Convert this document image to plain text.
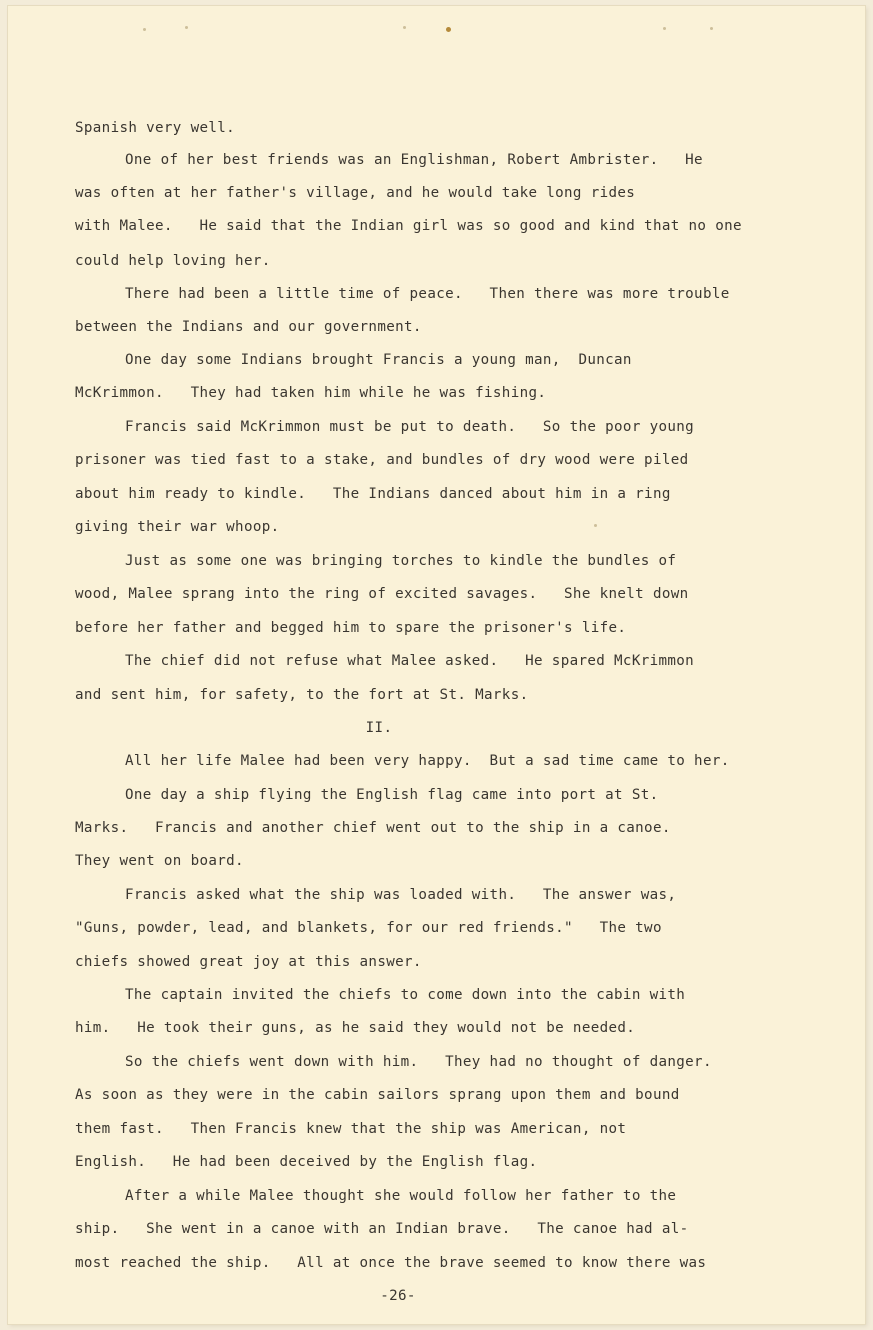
Spanish very well.
One of her best friends was an Englishman, Robert Ambrister.   He
was often at her father's village, and he would take long rides
with Malee.   He said that the Indian girl was so good and kind that no one
could help loving her.
There had been a little time of peace.   Then there was more trouble
between the Indians and our government.
One day some Indians brought Francis a young man,  Duncan
McKrimmon.   They had taken him while he was fishing.
Francis said McKrimmon must be put to death.   So the poor young
prisoner was tied fast to a stake, and bundles of dry wood were piled
about him ready to kindle.   The Indians danced about him in a ring
giving their war whoop.
Just as some one was bringing torches to kindle the bundles of
wood, Malee sprang into the ring of excited savages.   She knelt down
before her father and begged him to spare the prisoner's life.
The chief did not refuse what Malee asked.   He spared McKrimmon
and sent him, for safety, to the fort at St. Marks.
II.
All her life Malee had been very happy.  But a sad time came to her.
One day a ship flying the English flag came into port at St.
Marks.   Francis and another chief went out to the ship in a canoe.
They went on board.
Francis asked what the ship was loaded with.   The answer was,
"Guns, powder, lead, and blankets, for our red friends."   The two
chiefs showed great joy at this answer.
The captain invited the chiefs to come down into the cabin with
him.   He took their guns, as he said they would not be needed.
So the chiefs went down with him.   They had no thought of danger.
As soon as they were in the cabin sailors sprang upon them and bound
them fast.   Then Francis knew that the ship was American, not
English.   He had been deceived by the English flag.
After a while Malee thought she would follow her father to the
ship.   She went in a canoe with an Indian brave.   The canoe had al-
most reached the ship.   All at once the brave seemed to know there was
-26-
